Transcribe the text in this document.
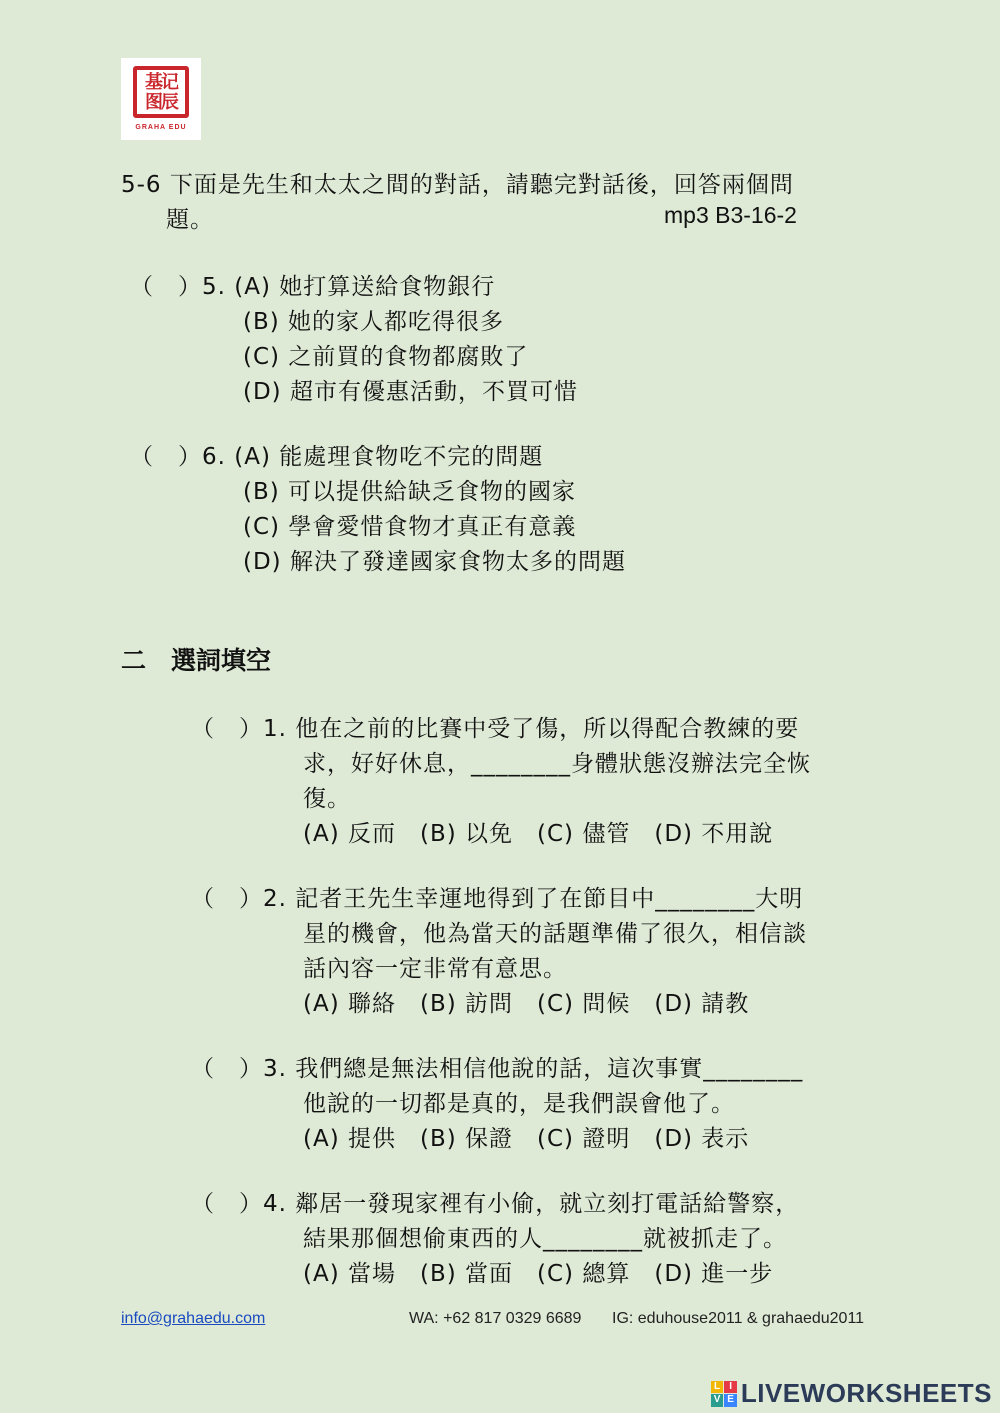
基记 图辰
GRAHA EDU
5-6 下面是先生和太太之間的對話，請聽完對話後，回答兩個問
題。	mp3 B3-16-2
（　）5. (A) 她打算送給食物銀行
(B) 她的家人都吃得很多
(C) 之前買的食物都腐敗了
(D) 超市有優惠活動，不買可惜
（　）6. (A) 能處理食物吃不完的問題
(B) 可以提供給缺乏食物的國家
(C) 學會愛惜食物才真正有意義
(D) 解決了發達國家食物太多的問題
二　選詞填空
（　）1. 他在之前的比賽中受了傷，所以得配合教練的要
求，好好休息，________身體狀態沒辦法完全恢
復。
(A) 反而　(B) 以免　(C) 儘管　(D) 不用說
（　）2. 記者王先生幸運地得到了在節目中________大明
星的機會，他為當天的話題準備了很久，相信談
話內容一定非常有意思。
(A) 聯絡　(B) 訪問　(C) 問候　(D) 請教
（　）3. 我們總是無法相信他說的話，這次事實________
他說的一切都是真的，是我們誤會他了。
(A) 提供　(B) 保證　(C) 證明　(D) 表示
（　）4. 鄰居一發現家裡有小偷，就立刻打電話給警察，
結果那個想偷東西的人________就被抓走了。
(A) 當場　(B) 當面　(C) 總算　(D) 進一步
info@grahaedu.com	WA: +62 817 0329 6689 IG: eduhouse2011 & grahaedu2011
L I
V E LIVEWORKSHEETS
